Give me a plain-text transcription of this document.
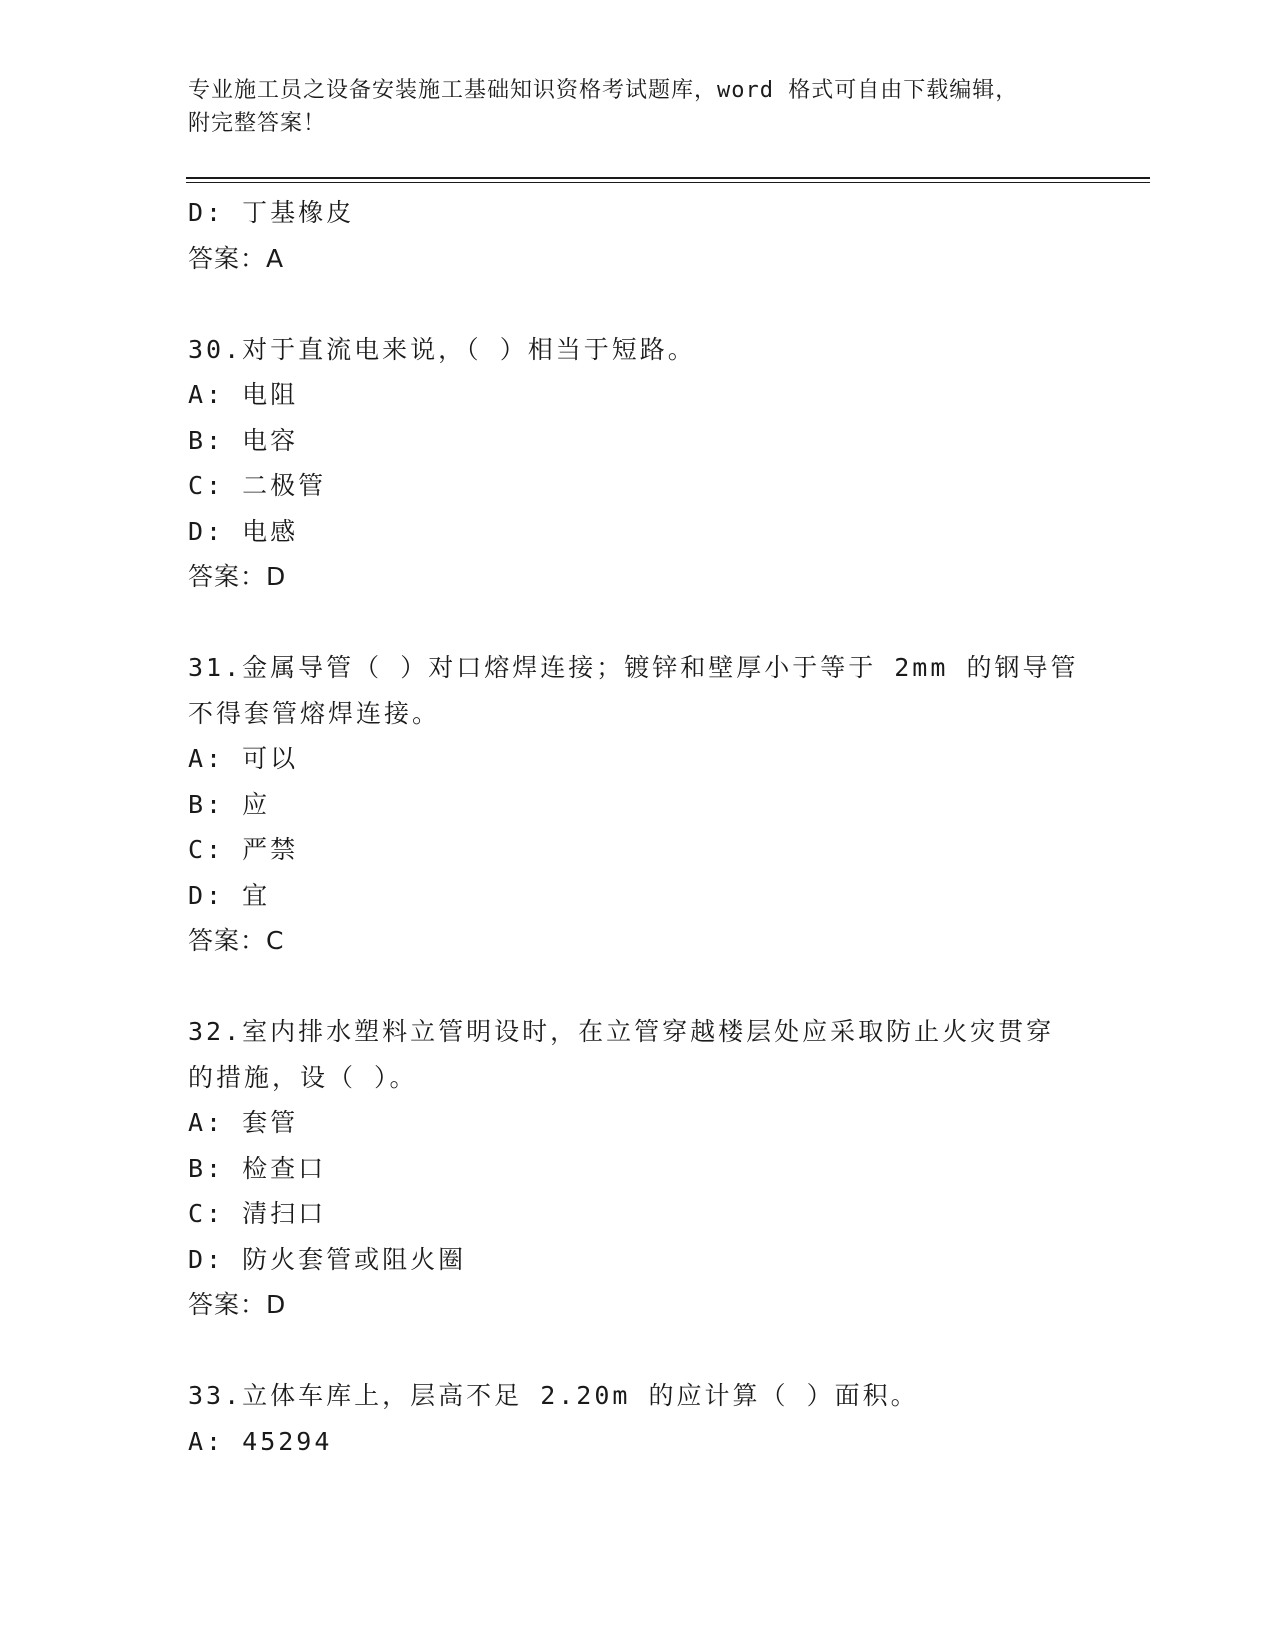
专业施工员之设备安装施工基础知识资格考试题库，word 格式可自由下载编辑，
附完整答案！
D: 丁基橡皮
答案：A
30.对于直流电来说，（ ）相当于短路。
A: 电阻
B: 电容
C: 二极管
D: 电感
答案：D
31.金属导管（ ）对口熔焊连接；镀锌和壁厚小于等于 2mm 的钢导管
不得套管熔焊连接。
A: 可以
B: 应
C: 严禁
D: 宜
答案：C
32.室内排水塑料立管明设时，在立管穿越楼层处应采取防止火灾贯穿
的措施，设（ ）。
A: 套管
B: 检查口
C: 清扫口
D: 防火套管或阻火圈
答案：D
33.立体车库上，层高不足 2.20m 的应计算（ ）面积。
A: 45294
